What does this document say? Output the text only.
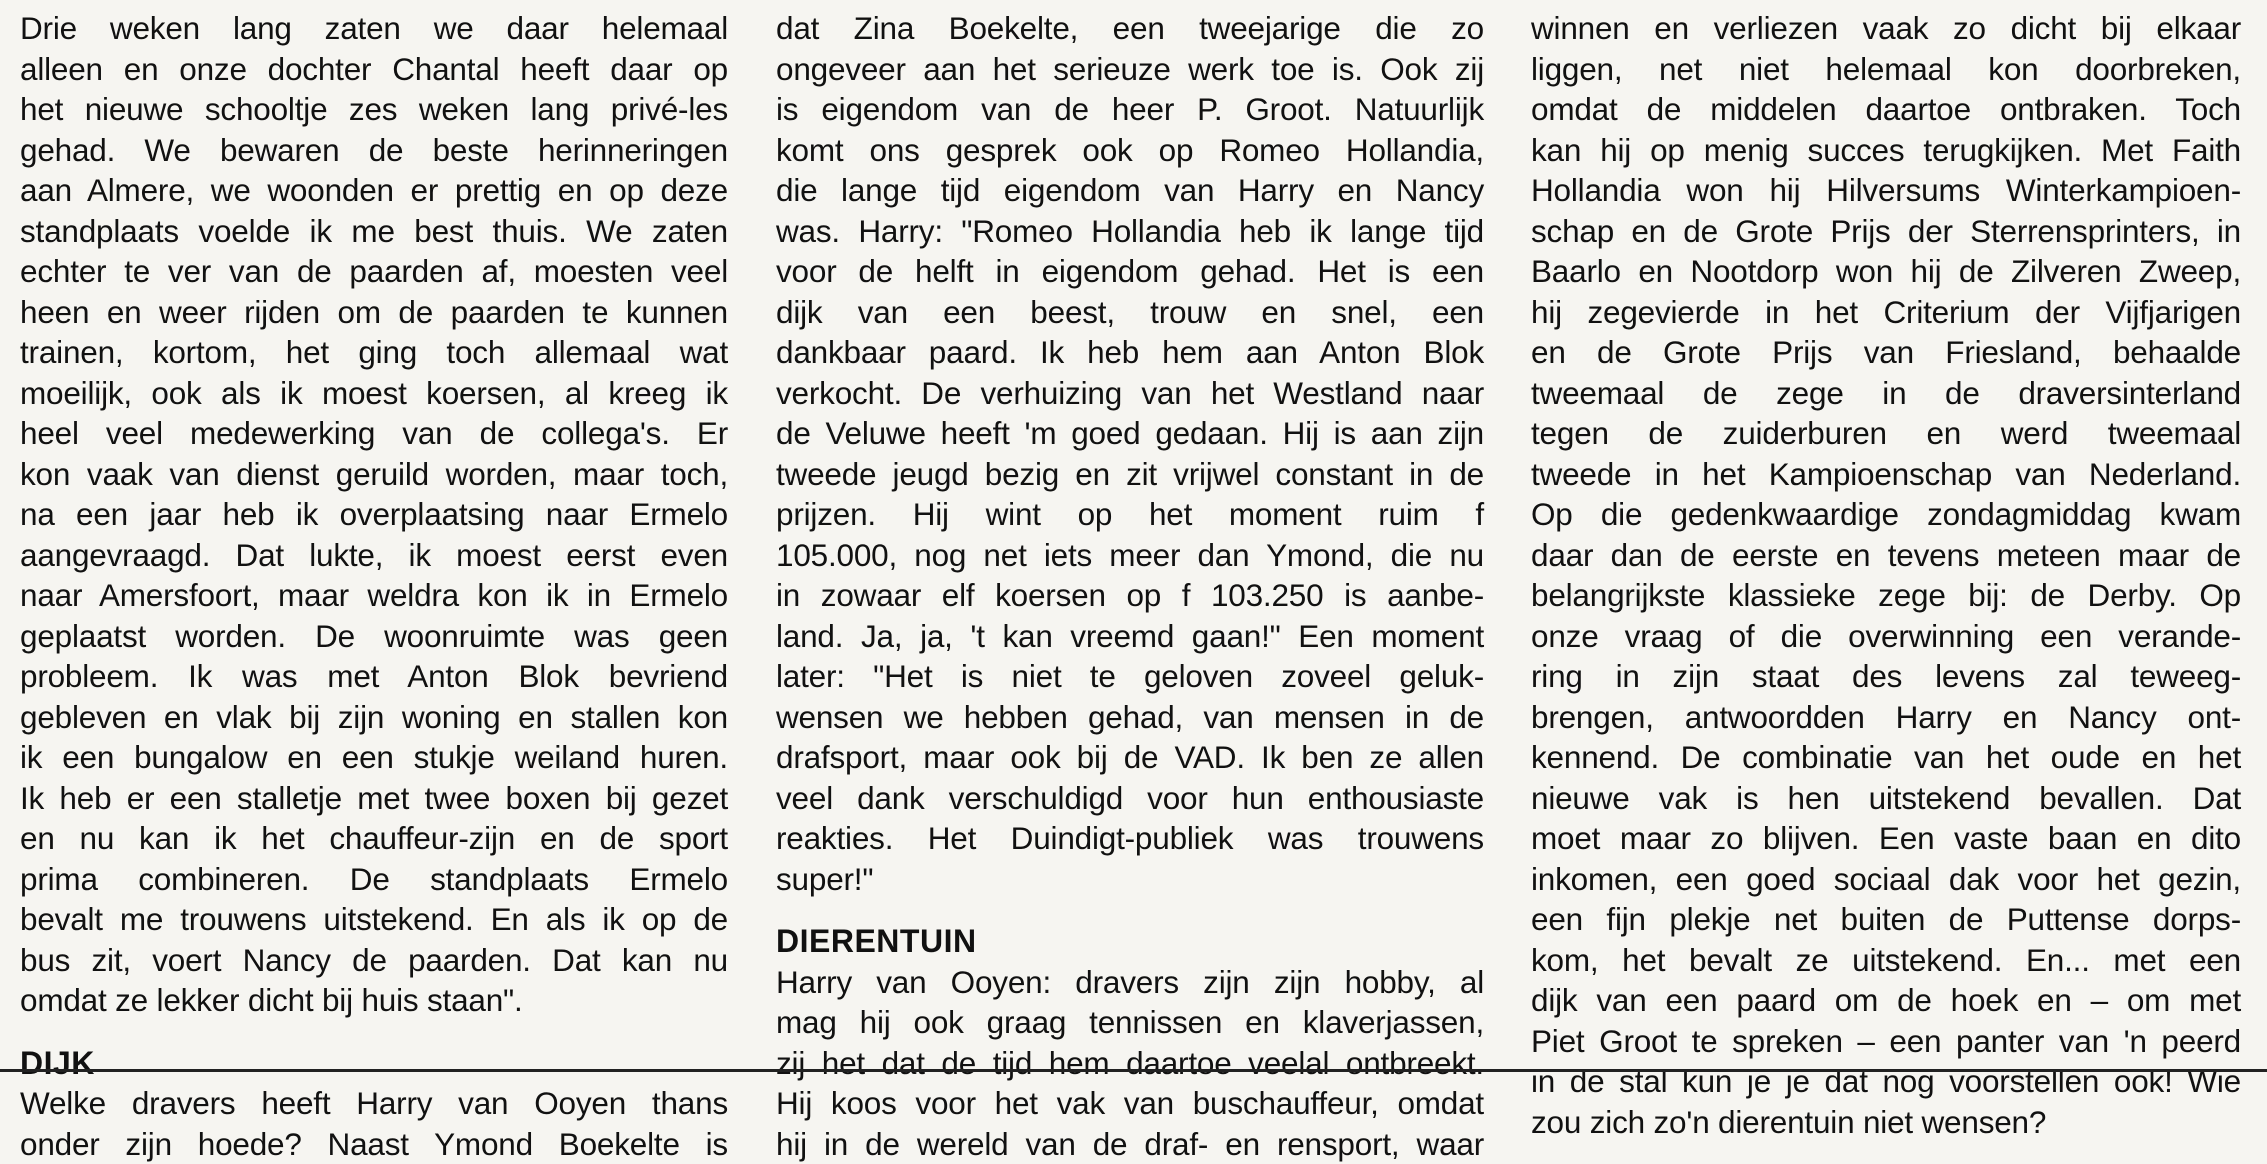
Drie weken lang zaten we daar helemaal
alleen en onze dochter Chantal heeft daar op
het nieuwe schooltje zes weken lang privé-les
gehad. We bewaren de beste herinneringen
aan Almere, we woonden er prettig en op deze
standplaats voelde ik me best thuis. We zaten
echter te ver van de paarden af, moesten veel
heen en weer rijden om de paarden te kunnen
trainen, kortom, het ging toch allemaal wat
moeilijk, ook als ik moest koersen, al kreeg ik
heel veel medewerking van de collega's. Er
kon vaak van dienst geruild worden, maar toch,
na een jaar heb ik overplaatsing naar Ermelo
aangevraagd. Dat lukte, ik moest eerst even
naar Amersfoort, maar weldra kon ik in Ermelo
geplaatst worden. De woonruimte was geen
probleem. Ik was met Anton Blok bevriend
gebleven en vlak bij zijn woning en stallen kon
ik een bungalow en een stukje weiland huren.
Ik heb er een stalletje met twee boxen bij gezet
en nu kan ik het chauffeur-zijn en de sport
prima combineren. De standplaats Ermelo
bevalt me trouwens uitstekend. En als ik op de
bus zit, voert Nancy de paarden. Dat kan nu
omdat ze lekker dicht bij huis staan".
DIJK
Welke dravers heeft Harry van Ooyen thans
onder zijn hoede? Naast Ymond Boekelte is
dat Zina Boekelte, een tweejarige die zo
ongeveer aan het serieuze werk toe is. Ook zij
is eigendom van de heer P. Groot. Natuurlijk
komt ons gesprek ook op Romeo Hollandia,
die lange tijd eigendom van Harry en Nancy
was. Harry: "Romeo Hollandia heb ik lange tijd
voor de helft in eigendom gehad. Het is een
dijk van een beest, trouw en snel, een
dankbaar paard. Ik heb hem aan Anton Blok
verkocht. De verhuizing van het Westland naar
de Veluwe heeft 'm goed gedaan. Hij is aan zijn
tweede jeugd bezig en zit vrijwel constant in de
prijzen. Hij wint op het moment ruim f
105.000, nog net iets meer dan Ymond, die nu
in zowaar elf koersen op f 103.250 is aanbe-
land. Ja, ja, 't kan vreemd gaan!" Een moment
later: "Het is niet te geloven zoveel geluk-
wensen we hebben gehad, van mensen in de
drafsport, maar ook bij de VAD. Ik ben ze allen
veel dank verschuldigd voor hun enthousiaste
reakties. Het Duindigt-publiek was trouwens
super!"
DIERENTUIN
Harry van Ooyen: dravers zijn zijn hobby, al
mag hij ook graag tennissen en klaverjassen,
zij het dat de tijd hem daartoe veelal ontbreekt.
Hij koos voor het vak van buschauffeur, omdat
hij in de wereld van de draf- en rensport, waar
winnen en verliezen vaak zo dicht bij elkaar
liggen, net niet helemaal kon doorbreken,
omdat de middelen daartoe ontbraken. Toch
kan hij op menig succes terugkijken. Met Faith
Hollandia won hij Hilversums Winterkampioen-
schap en de Grote Prijs der Sterrensprinters, in
Baarlo en Nootdorp won hij de Zilveren Zweep,
hij zegevierde in het Criterium der Vijfjarigen
en de Grote Prijs van Friesland, behaalde
tweemaal de zege in de draversinterland
tegen de zuiderburen en werd tweemaal
tweede in het Kampioenschap van Nederland.
Op die gedenkwaardige zondagmiddag kwam
daar dan de eerste en tevens meteen maar de
belangrijkste klassieke zege bij: de Derby. Op
onze vraag of die overwinning een verande-
ring in zijn staat des levens zal teweeg-
brengen, antwoordden Harry en Nancy ont-
kennend. De combinatie van het oude en het
nieuwe vak is hen uitstekend bevallen. Dat
moet maar zo blijven. Een vaste baan en dito
inkomen, een goed sociaal dak voor het gezin,
een fijn plekje net buiten de Puttense dorps-
kom, het bevalt ze uitstekend. En... met een
dijk van een paard om de hoek en – om met
Piet Groot te spreken – een panter van 'n peerd
in de stal kun je je dat nog voorstellen ook! Wie
zou zich zo'n dierentuin niet wensen?
